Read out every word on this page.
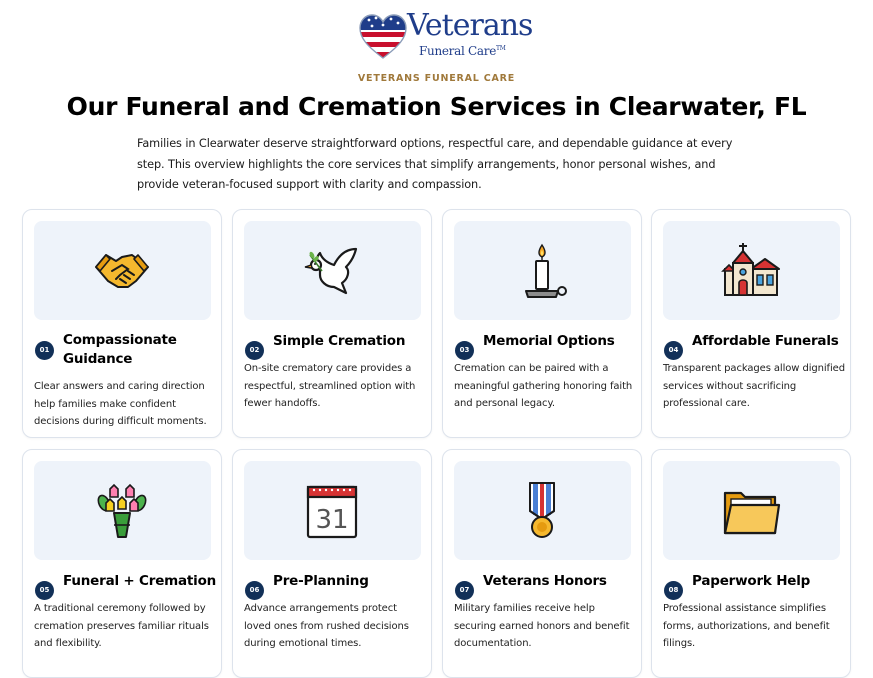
Veterans
Funeral Care™
VETERANS FUNERAL CARE
Our Funeral and Cremation Services in Clearwater, FL

Families in Clearwater deserve straightforward options, respectful care, and dependable guidance at every step. This overview highlights the core services that simplify arrangements, honor personal wishes, and provide veteran-focused support with clarity and compassion.

01
Compassionate Guidance
Clear answers and caring direction help families make confident decisions during difficult moments.
02
Simple Cremation
On-site crematory care provides a respectful, streamlined option with fewer handoffs.
03
Memorial Options
Cremation can be paired with a meaningful gathering honoring faith and personal legacy.
04
Affordable Funerals
Transparent packages allow dignified services without sacrificing professional care.
05
Funeral + Cremation
A traditional ceremony followed by cremation preserves familiar rituals and flexibility.
31
06
Pre-Planning
Advance arrangements protect loved ones from rushed decisions during emotional times.
07
Veterans Honors
Military families receive help securing earned honors and benefit documentation.
08
Paperwork Help
Professional assistance simplifies forms, authorizations, and benefit filings.
